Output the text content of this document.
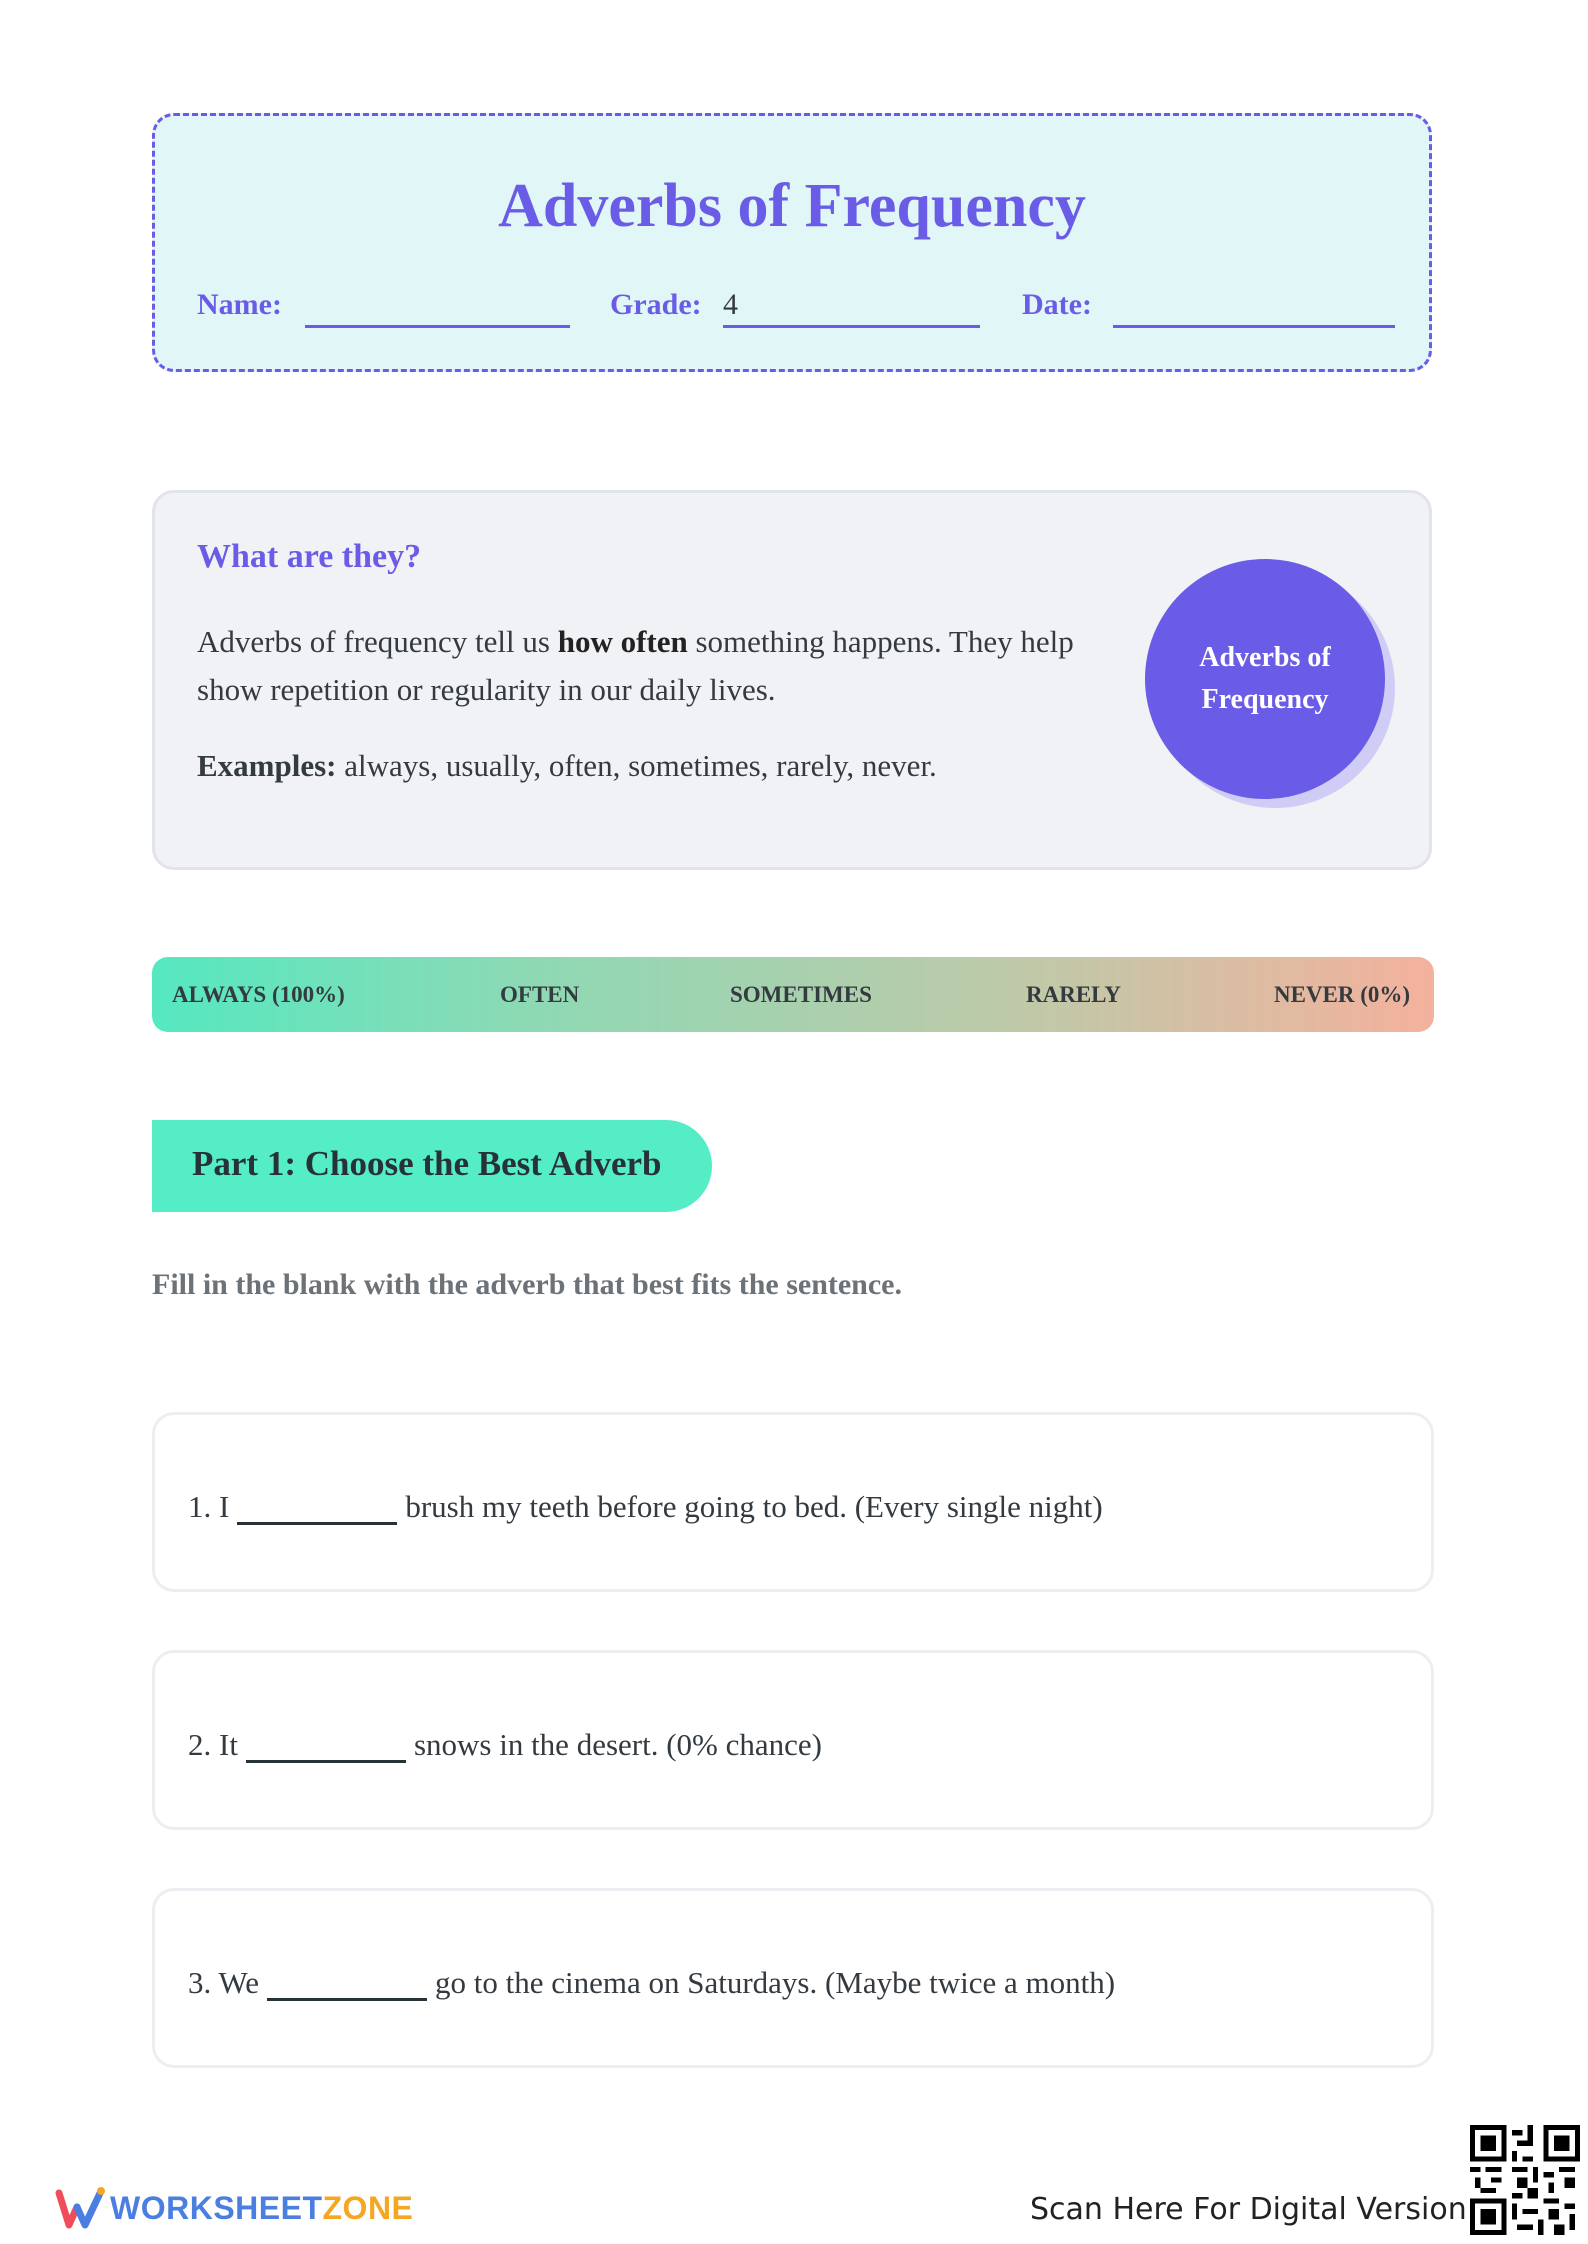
Adverbs of Frequency
Name:	Grade: 4	Date:
What are they?
Adverbs of frequency tell us how often something happens. They help show repetition or regularity in our daily lives.
Examples: always, usually, often, sometimes, rarely, never.
Adverbs of Frequency
ALWAYS (100%)	OFTEN	SOMETIMES	RARELY	NEVER (0%)
Part 1: Choose the Best Adverb
Fill in the blank with the adverb that best fits the sentence.
1. I	brush my teeth before going to bed. (Every single night)
2. It	snows in the desert. (0% chance)
3. We	go to the cinema on Saturdays. (Maybe twice a month)
WORKSHEETZONE	Scan Here For Digital Version
